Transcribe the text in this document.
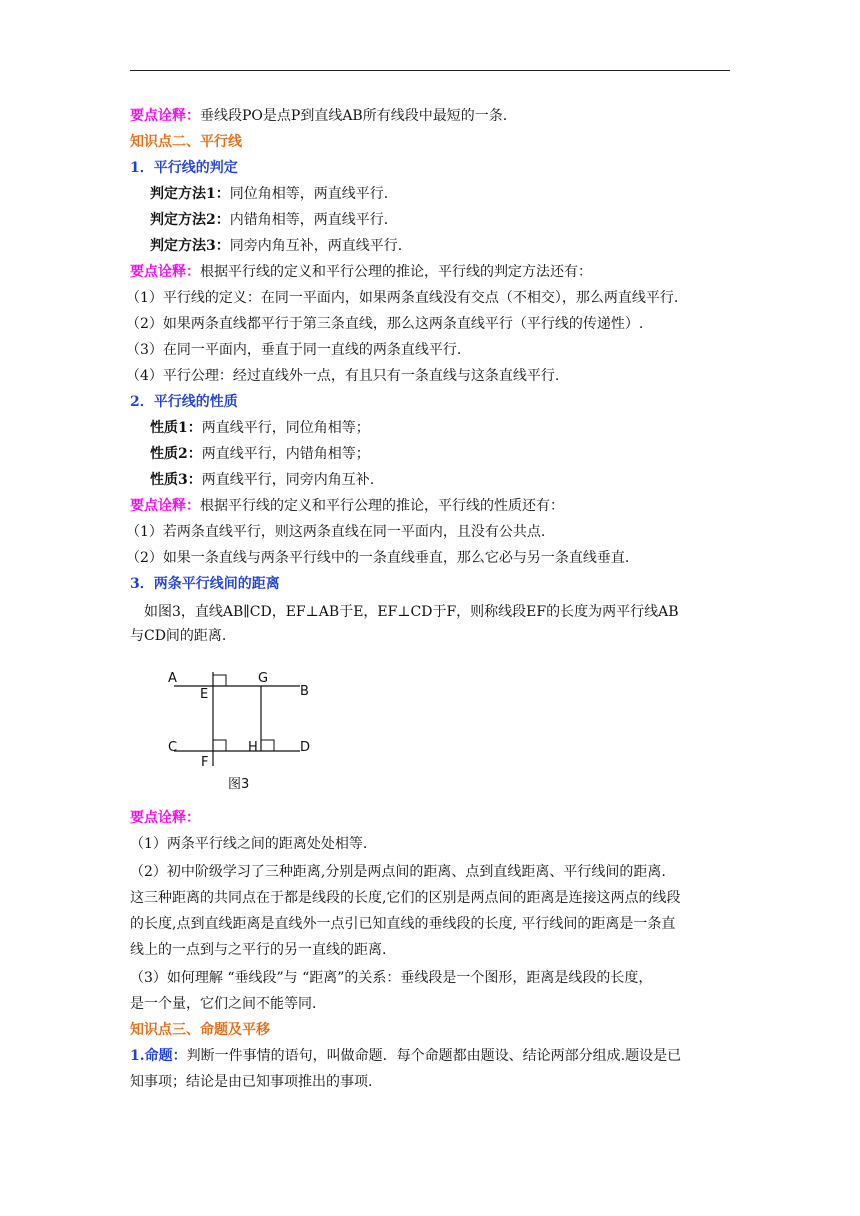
要点诠释：垂线段PO是点P到直线AB所有线段中最短的一条.
知识点二、平行线
1．平行线的判定
判定方法1：同位角相等，两直线平行.
判定方法2：内错角相等，两直线平行.
判定方法3：同旁内角互补，两直线平行.
要点诠释：根据平行线的定义和平行公理的推论，平行线的判定方法还有：
（1）平行线的定义：在同一平面内，如果两条直线没有交点（不相交），那么两直线平行.
（2）如果两条直线都平行于第三条直线，那么这两条直线平行（平行线的传递性）.
（3）在同一平面内，垂直于同一直线的两条直线平行.
（4）平行公理：经过直线外一点，有且只有一条直线与这条直线平行.
2．平行线的性质
性质1：两直线平行，同位角相等；
性质2：两直线平行，内错角相等；
性质3：两直线平行，同旁内角互补.
要点诠释：根据平行线的定义和平行公理的推论，平行线的性质还有：
（1）若两条直线平行，则这两条直线在同一平面内，且没有公共点.
（2）如果一条直线与两条平行线中的一条直线垂直，那么它必与另一条直线垂直.
3．两条平行线间的距离
如图3，直线AB∥CD，EF⊥AB于E，EF⊥CD于F，则称线段EF的长度为两平行线AB
与CD间的距离.
A
E
G
B
C	H	D
F
图3
要点诠释：
（1）两条平行线之间的距离处处相等.
（2）初中阶级学习了三种距离,分别是两点间的距离、点到直线距离、平行线间的距离.
这三种距离的共同点在于都是线段的长度,它们的区别是两点间的距离是连接这两点的线段
的长度,点到直线距离是直线外一点引已知直线的垂线段的长度, 平行线间的距离是一条直
线上的一点到与之平行的另一直线的距离.
（3）如何理解 “垂线段”与 “距离”的关系：垂线段是一个图形，距离是线段的长度，
是一个量，它们之间不能等同.
知识点三、命题及平移
1.命题：判断一件事情的语句，叫做命题．每个命题都由题设、结论两部分组成.题设是已
知事项；结论是由已知事项推出的事项.
